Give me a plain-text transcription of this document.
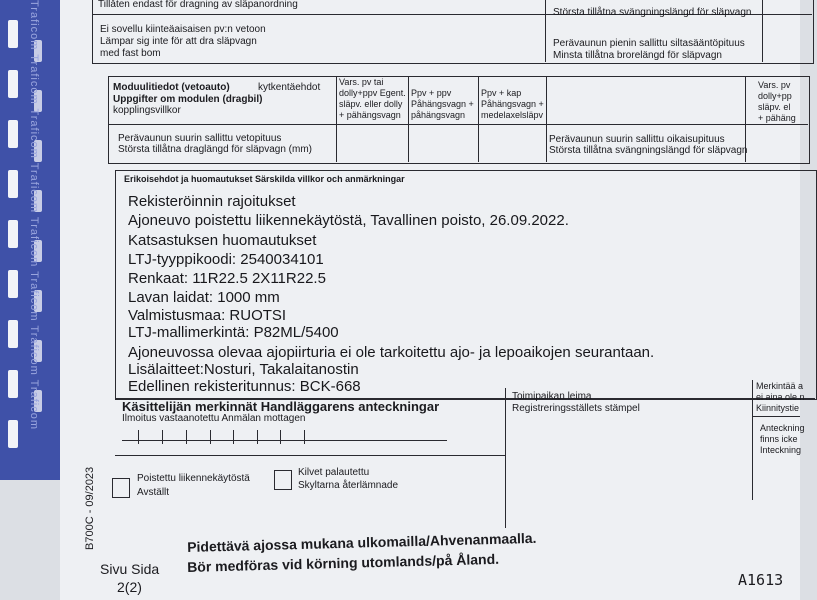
Traficom Traficom Traficom Traficom Traficom Traficom Traficom Traficom	Tillåten endast för dragning av släpanordning
Ei sovellu kiinteäaisaisen pv:n vetoon
Lämpar sig inte för att dra släpvagn
med fast bom
Största tillåtna svängningslängd för släpvagn
Perävaunun pienin sallittu siltasääntöpituus
Minsta tillåtna brorelängd för släpvagn
Moduulitiedot (vetoauto)	kytkentäehdot
Uppgifter om modulen (dragbil)
kopplingsvillkor
Vars. pv tai
dolly+ppv Egent.
släpv. eller dolly
+ pähängsvagn
Ppv + ppv
Påhängsvagn +
påhängsvagn
Ppv + kap
Påhängsvagn +
medelaxelsläpv
Vars. pv
dolly+pp
släpv. el
+ pähäng
Perävaunun suurin sallittu vetopituus
Största tillåtna draglängd för släpvagn (mm)
Perävaunun suurin sallittu oikaisupituus
Största tillåtna svängningslängd för släpvagn
Erikoisehdot ja huomautukset Särskilda villkor och anmärkningar
Rekisteröinnin rajoitukset
Ajoneuvo poistettu liikennekäytöstä, Tavallinen poisto, 26.09.2022.
Katsastuksen huomautukset
LTJ-tyyppikoodi: 2540034101
Renkaat: 11R22.5 2X11R22.5
Lavan laidat: 1000 mm
Valmistusmaa: RUOTSI
LTJ-mallimerkintä: P82ML/5400
Ajoneuvossa olevaa ajopiirturia ei ole tarkoitettu ajo- ja lepoaikojen seurantaan.
Lisälaitteet:Nosturi, Takalaitanostin
Edellinen rekisteritunnus: BCK-668
Käsittelijän merkinnät Handläggarens anteckningar
Ilmoitus vastaanotettu Anmälan mottagen
Toimipaikan leima
Registreringsställets stämpel
Poistettu liikennekäytöstä
Avställt
Kilvet palautettu
Skyltarna återlämnade
Merkintää a
ei aina ole n
Kiinnitystie
Anteckning
finns icke
Inteckning
B700C - 09/2023
Sivu Sida
2(2)
Pidettävä ajossa mukana ulkomailla/Ahvenanmaalla.
Bör medföras vid körning utomlands/på Åland.
A1613
